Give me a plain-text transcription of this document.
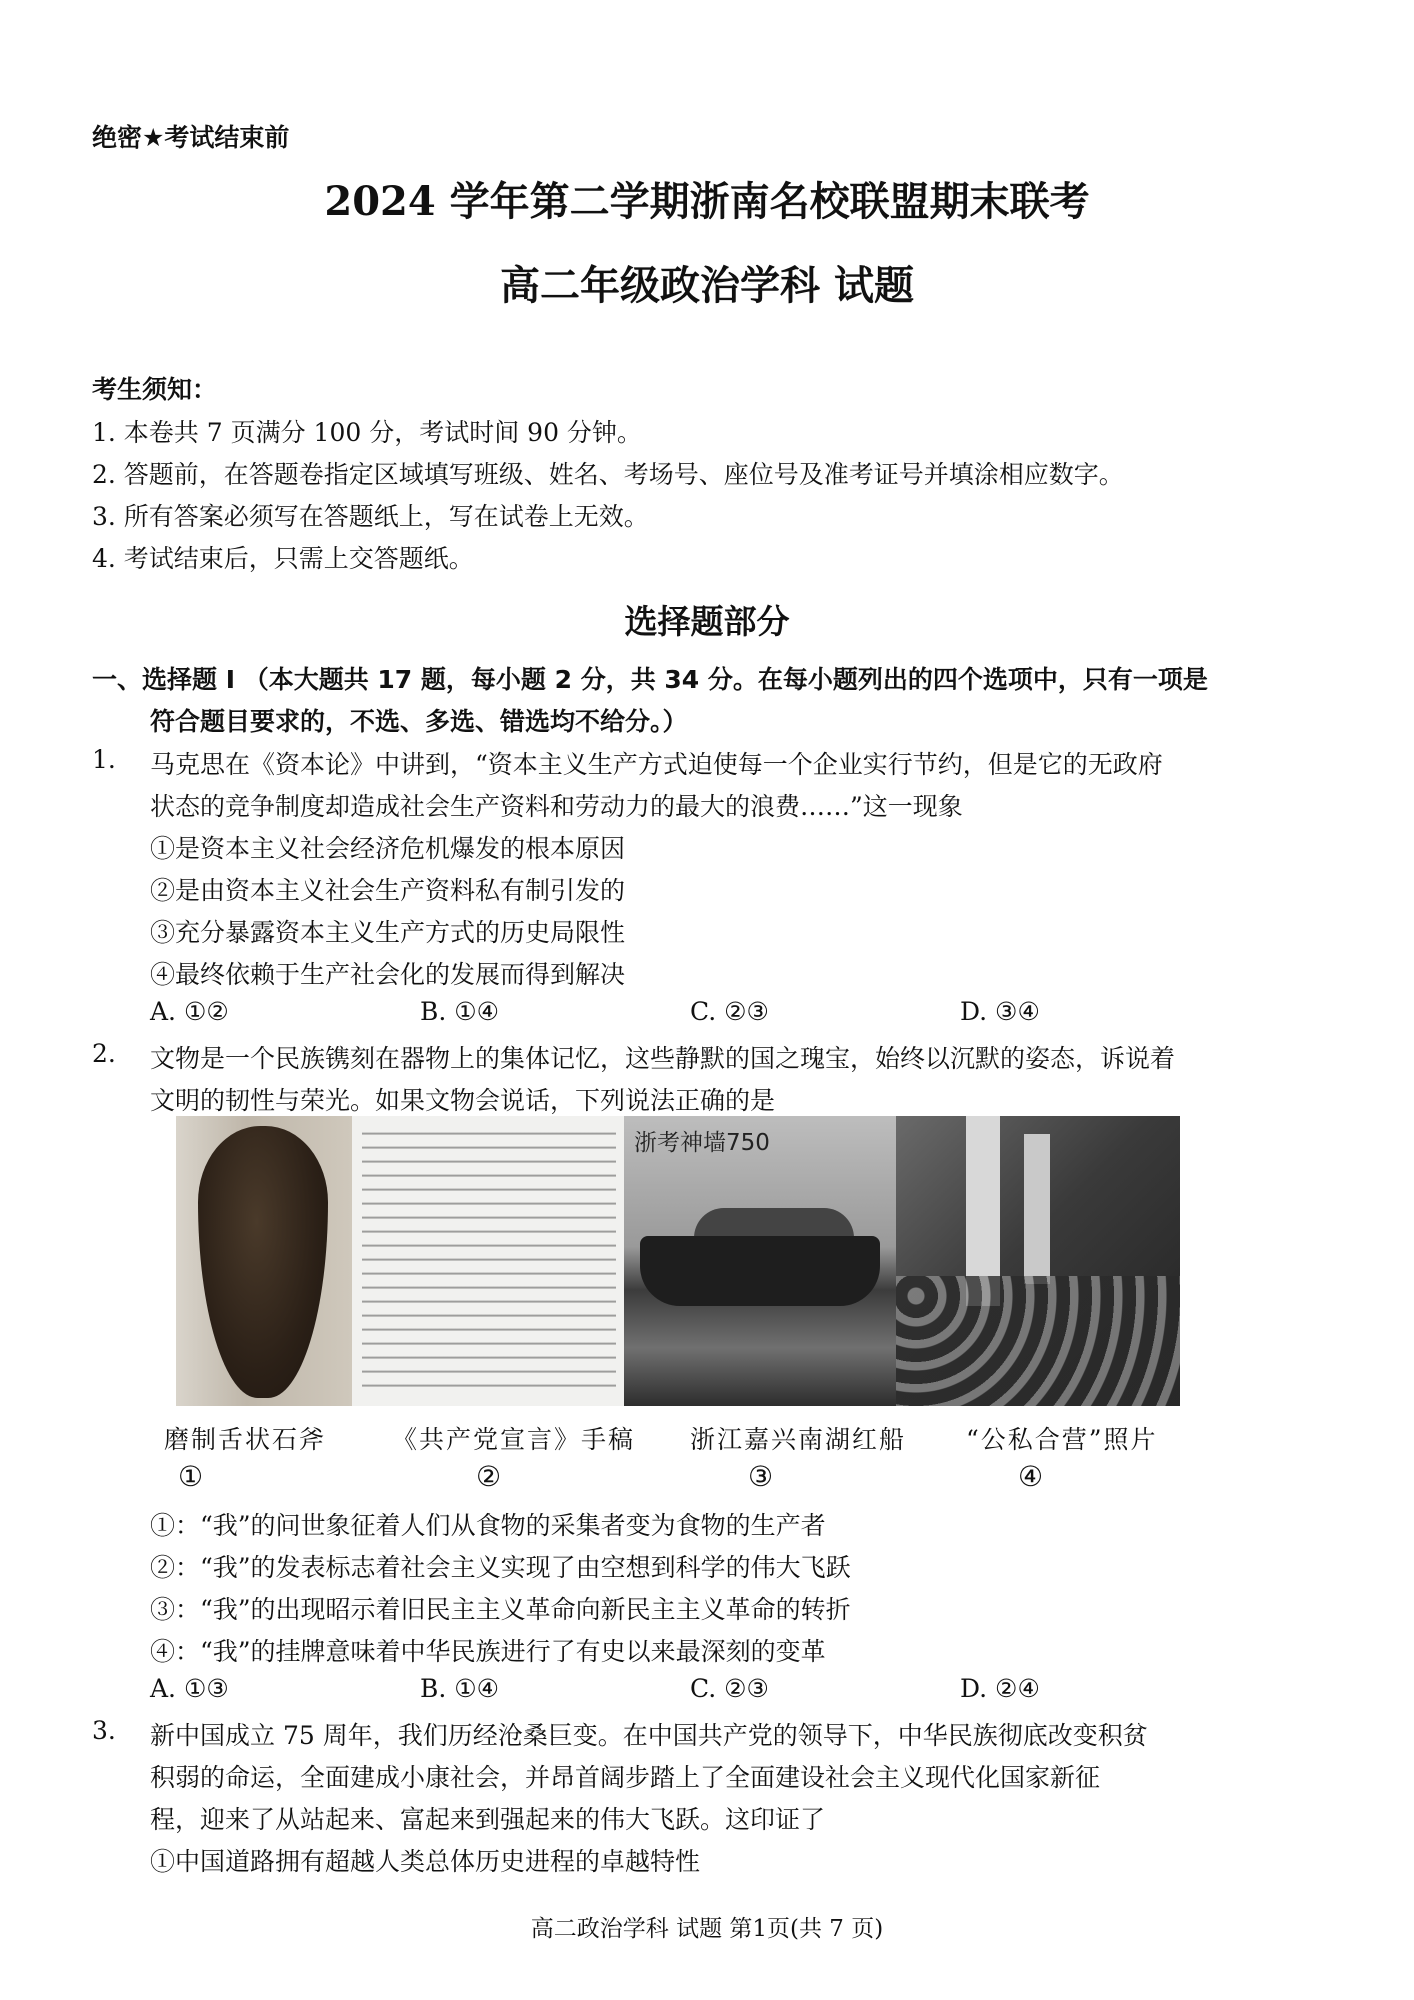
绝密★考试结束前
2024 学年第二学期浙南名校联盟期末联考
高二年级政治学科 试题
考生须知：
1. 本卷共 7 页满分 100 分，考试时间 90 分钟。
2. 答题前，在答题卷指定区域填写班级、姓名、考场号、座位号及准考证号并填涂相应数字。
3. 所有答案必须写在答题纸上，写在试卷上无效。
4. 考试结束后，只需上交答题纸。
选择题部分
一、选择题 I （本大题共 17 题，每小题 2 分，共 34 分。在每小题列出的四个选项中，只有一项是
符合题目要求的，不选、多选、错选均不给分。）
1. 马克思在《资本论》中讲到，“资本主义生产方式迫使每一个企业实行节约，但是它的无政府
状态的竞争制度却造成社会生产资料和劳动力的最大的浪费……”这一现象
①是资本主义社会经济危机爆发的根本原因
②是由资本主义社会生产资料私有制引发的
③充分暴露资本主义生产方式的历史局限性
④最终依赖于生产社会化的发展而得到解决
A. ①②	B. ①④	C. ②③	D. ③④
2. 文物是一个民族镌刻在器物上的集体记忆，这些静默的国之瑰宝，始终以沉默的姿态，诉说着
文明的韧性与荣光。如果文物会说话，下列说法正确的是
浙考神墙750
磨制舌状石斧	《共产党宣言》手稿 浙江嘉兴南湖红船 “公私合营”照片
①	②	③	④
①：“我”的问世象征着人们从食物的采集者变为食物的生产者
②：“我”的发表标志着社会主义实现了由空想到科学的伟大飞跃
③：“我”的出现昭示着旧民主主义革命向新民主主义革命的转折
④：“我”的挂牌意味着中华民族进行了有史以来最深刻的变革
A. ①③	B. ①④	C. ②③	D. ②④
3. 新中国成立 75 周年，我们历经沧桑巨变。在中国共产党的领导下，中华民族彻底改变积贫
积弱的命运，全面建成小康社会，并昂首阔步踏上了全面建设社会主义现代化国家新征
程，迎来了从站起来、富起来到强起来的伟大飞跃。这印证了
①中国道路拥有超越人类总体历史进程的卓越特性
高二政治学科 试题 第1页(共 7 页)
